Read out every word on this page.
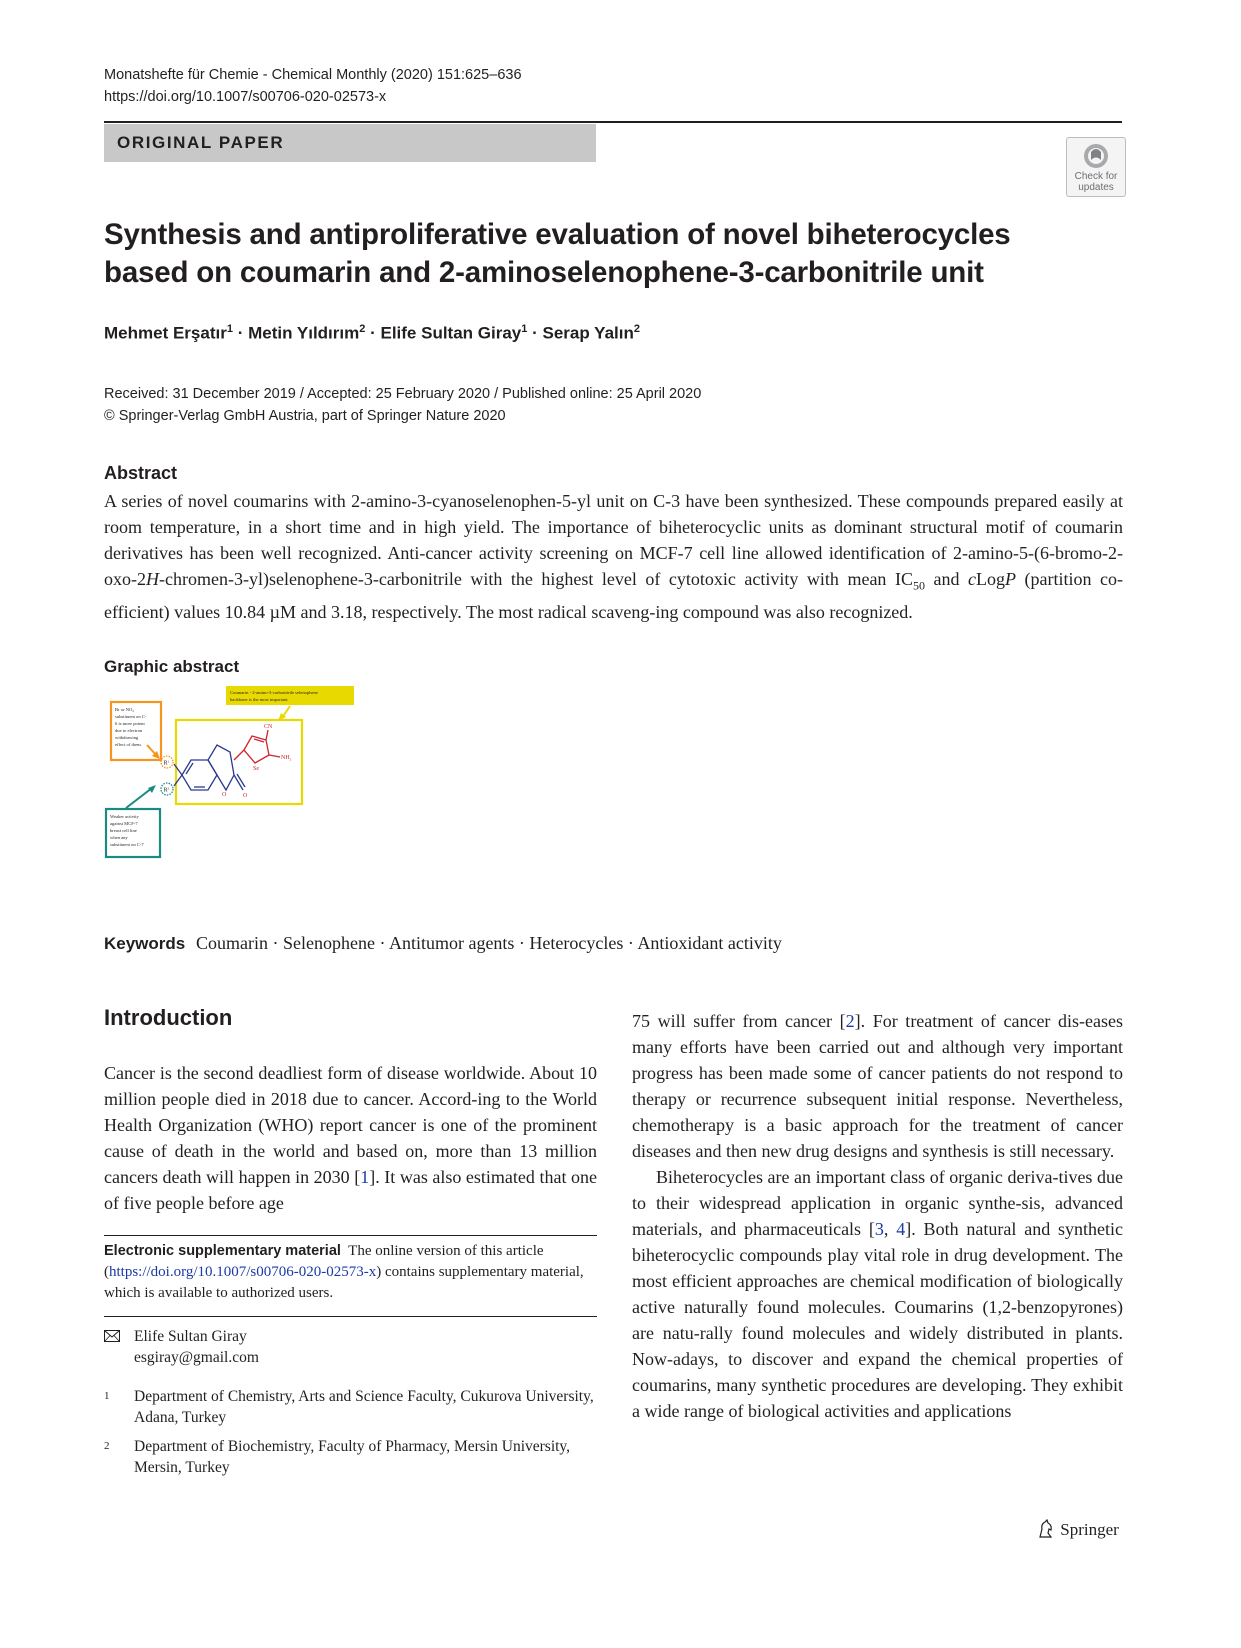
Monatshefte für Chemie - Chemical Monthly (2020) 151:625–636
https://doi.org/10.1007/s00706-020-02573-x
ORIGINAL PAPER
Check for
updates
Synthesis and antiproliferative evaluation of novel biheterocycles
based on coumarin and 2-aminoselenophene-3-carbonitrile unit
Mehmet Erşatır$^1$ · Metin Yıldırım$^2$ · Elife Sultan Giray$^1$ · Serap Yalın$^2$
Received: 31 December 2019 / Accepted: 25 February 2020 / Published online: 25 April 2020
© Springer-Verlag GmbH Austria, part of Springer Nature 2020
Abstract
A series of novel coumarins with 2-amino-3-cyanoselenophen-5-yl unit on C-3 have been synthesized. These compounds prepared easily at room temperature, in a short time and in high yield. The importance of biheterocyclic units as dominant structural motif of coumarin derivatives has been well recognized. Anti-cancer activity screening on MCF-7 cell line allowed identification of 2-amino-5-(6-bromo-2-oxo-2H-chromen-3-yl)selenophene-3-carbonitrile with the highest level of cytotoxic activity with mean $IC_{50}$ and cLogP (partition co-efficient) values 10.84 µM and 3.18, respectively. The most radical scaveng-ing compound was also recognized.
Graphic abstract
Br or $NO_2$
substituent on C-
6 is more potent
due to electron
withdrawing
effect of them.
Coumarin - 2-amino-3-carbonitrile selenophene
backbone is the most important
$R^1$
$R^2$
O	O
CN
$NH_2$
Se
Weaker activity
against MCF-7
breast cell line
when any
substituent on C-7
Keywords Coumarin · Selenophene · Antitumor agents · Heterocycles · Antioxidant activity
Introduction

Cancer is the second deadliest form of disease worldwide. About 10 million people died in 2018 due to cancer. Accord-ing to the World Health Organization (WHO) report cancer is one of the prominent cause of death in the world and based on, more than 13 million cancers death will happen in 2030 [1]. It was also estimated that one of five people before age

75 will suffer from cancer [2]. For treatment of cancer dis-eases many efforts have been carried out and although very important progress has been made some of cancer patients do not respond to therapy or recurrence subsequent initial response. Nevertheless, chemotherapy is a basic approach for the treatment of cancer diseases and then new drug designs and synthesis is still necessary.

Biheterocycles are an important class of organic deriva-tives due to their widespread application in organic synthe-sis, advanced materials, and pharmaceuticals [3, 4]. Both natural and synthetic biheterocyclic compounds play vital role in drug development. The most efficient approaches are chemical modification of biologically active naturally found molecules. Coumarins (1,2-benzopyrones) are natu-rally found molecules and widely distributed in plants. Now-adays, to discover and expand the chemical properties of coumarins, many synthetic procedures are developing. They exhibit a wide range of biological activities and applications

Electronic supplementary material The online version of this article (https://doi.org/10.1007/s00706-020-02573-x) contains supplementary material, which is available to authorized users.
Elife Sultan Giray
esgiray@gmail.com
1 Department of Chemistry, Arts and Science Faculty, Cukurova University, Adana, Turkey
2 Department of Biochemistry, Faculty of Pharmacy, Mersin University, Mersin, Turkey
Springer
